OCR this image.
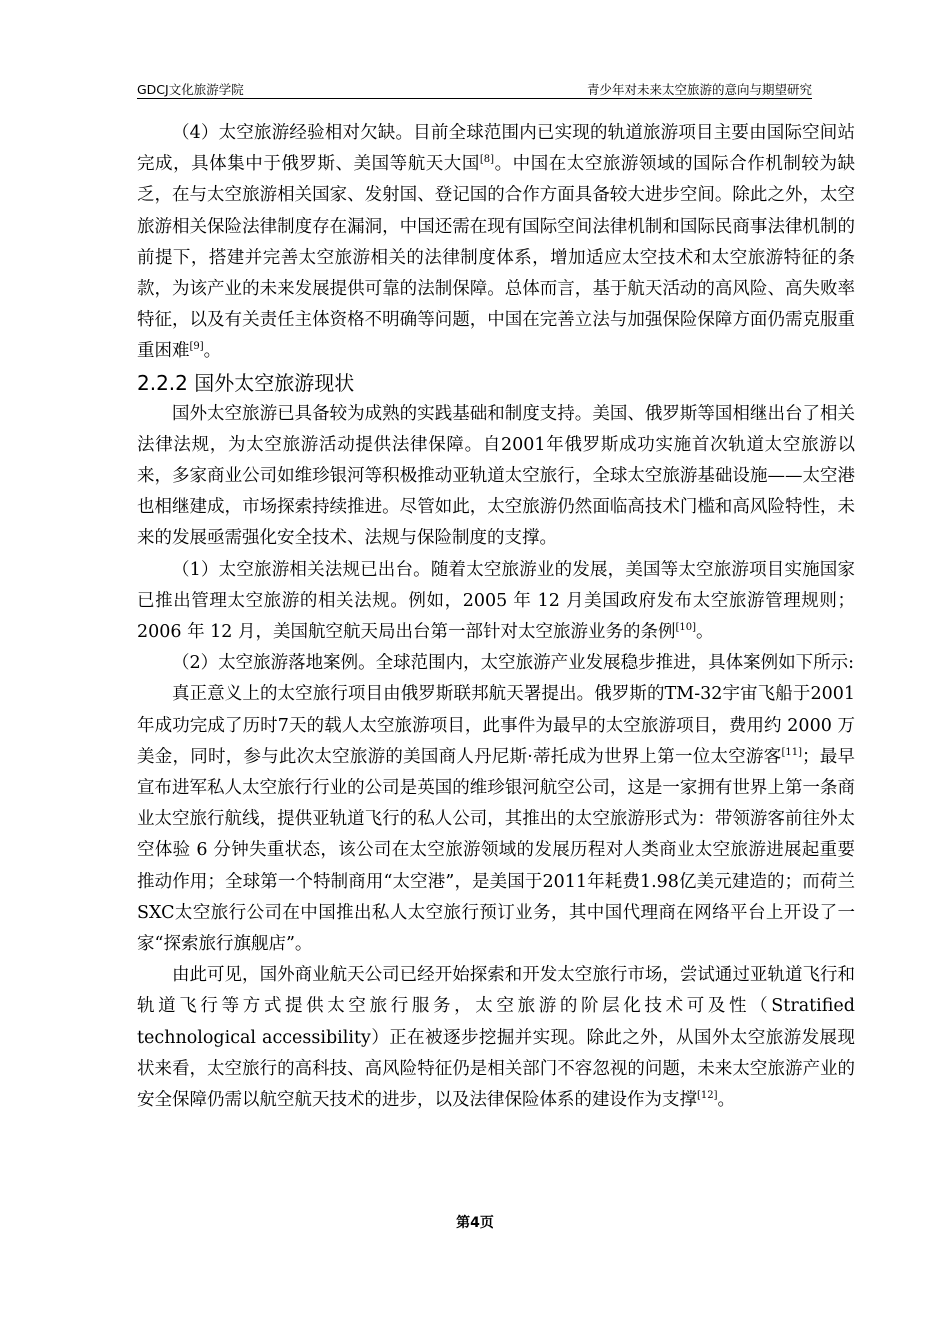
GDCJ文化旅游学院	青少年对未来太空旅游的意向与期望研究

（4）太空旅游经验相对欠缺。目前全球范围内已实现的轨道旅游项目主要由国际空间站完成，具体集中于俄罗斯、美国等航天大国[8]。中国在太空旅游领域的国际合作机制较为缺乏，在与太空旅游相关国家、发射国、登记国的合作方面具备较大进步空间。除此之外，太空旅游相关保险法律制度存在漏洞，中国还需在现有国际空间法律机制和国际民商事法律机制的前提下，搭建并完善太空旅游相关的法律制度体系，增加适应太空技术和太空旅游特征的条款，为该产业的未来发展提供可靠的法制保障。总体而言，基于航天活动的高风险、高失败率特征，以及有关责任主体资格不明确等问题，中国在完善立法与加强保险保障方面仍需克服重重困难[9]。

2.2.2 国外太空旅游现状

国外太空旅游已具备较为成熟的实践基础和制度支持。美国、俄罗斯等国相继出台了相关法律法规，为太空旅游活动提供法律保障。自2001年俄罗斯成功实施首次轨道太空旅游以来，多家商业公司如维珍银河等积极推动亚轨道太空旅行，全球太空旅游基础设施——太空港也相继建成，市场探索持续推进。尽管如此，太空旅游仍然面临高技术门槛和高风险特性，未来的发展亟需强化安全技术、法规与保险制度的支撑。

（1）太空旅游相关法规已出台。随着太空旅游业的发展，美国等太空旅游项目实施国家已推出管理太空旅游的相关法规。例如，2005 年 12 月美国政府发布太空旅游管理规则；2006 年 12 月，美国航空航天局出台第一部针对太空旅游业务的条例[10]。

（2）太空旅游落地案例。全球范围内，太空旅游产业发展稳步推进，具体案例如下所示:

真正意义上的太空旅行项目由俄罗斯联邦航天署提出。俄罗斯的TM-32宇宙飞船于2001年成功完成了历时7天的载人太空旅游项目，此事件为最早的太空旅游项目，费用约 2000 万美金，同时，参与此次太空旅游的美国商人丹尼斯·蒂托成为世界上第一位太空游客[11]；最早宣布进军私人太空旅行行业的公司是英国的维珍银河航空公司，这是一家拥有世界上第一条商业太空旅行航线，提供亚轨道飞行的私人公司，其推出的太空旅游形式为：带领游客前往外太空体验 6 分钟失重状态，该公司在太空旅游领域的发展历程对人类商业太空旅游进展起重要推动作用；全球第一个特制商用“太空港”，是美国于2011年耗费1.98亿美元建造的；而荷兰SXC太空旅行公司在中国推出私人太空旅行预订业务，其中国代理商在网络平台上开设了一家“探索旅行旗舰店”。

由此可见，国外商业航天公司已经开始探索和开发太空旅行市场，尝试通过亚轨道飞行和轨道飞行等方式提供太空旅行服务，太空旅游的阶层化技术可及性（Stratified technological accessibility）正在被逐步挖掘并实现。除此之外，从国外太空旅游发展现状来看，太空旅行的高科技、高风险特征仍是相关部门不容忽视的问题，未来太空旅游产业的安全保障仍需以航空航天技术的进步，以及法律保险体系的建设作为支撑[12]。

第4页
